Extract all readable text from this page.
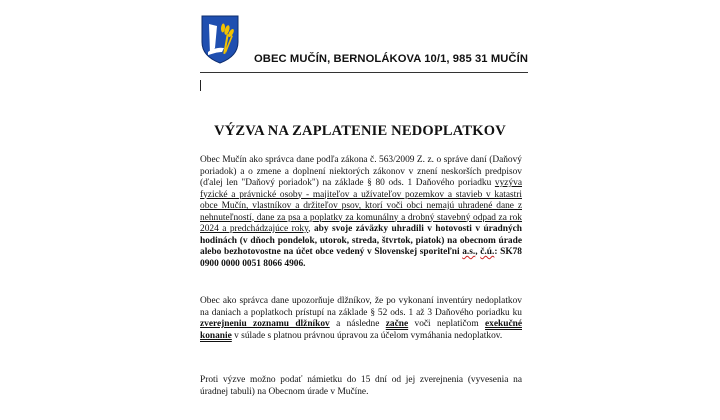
OBEC MUČÍN, BERNOLÁKOVA 10/1, 985 31 MUČÍN
VÝZVA NA ZAPLATENIE NEDOPLATKOV
Obec Mučín ako správca dane podľa zákona č. 563/2009 Z. z. o správe daní (Daňový poriadok) a o zmene a doplnení niektorých zákonov v znení neskorších predpisov (ďalej len "Daňový poriadok") na základe § 80 ods. 1 Daňového poriadku vyzýva fyzické a právnické osoby - majiteľov a užívateľov pozemkov a stavieb v katastri obce Mučín, vlastníkov a držiteľov psov, ktorí voči obci nemajú uhradené dane z nehnuteľností, dane za psa a poplatky za komunálny a drobný stavebný odpad za rok 2024 a predchádzajúce roky, aby svoje záväzky uhradili v hotovosti v úradných hodinách (v dňoch pondelok, utorok, streda, štvrtok, piatok) na obecnom úrade alebo bezhotovostne na účet obce vedený v Slovenskej sporiteľni a.s., č.ú.: SK78 0900 0000 0051 8066 4906.
Obec ako správca dane upozorňuje dlžníkov, že po vykonaní inventúry nedoplatkov na daniach a poplatkoch prístupí na základe § 52 ods. 1 až 3 Daňového poriadku ku zverejneniu zoznamu dlžníkov a následne začne voči neplatičom exekučné konanie v súlade s platnou právnou úpravou za účelom vymáhania nedoplatkov.
Proti výzve možno podať námietku do 15 dní od jej zverejnenia (vyvesenia na úradnej tabuli) na Obecnom úrade v Mučíne.
